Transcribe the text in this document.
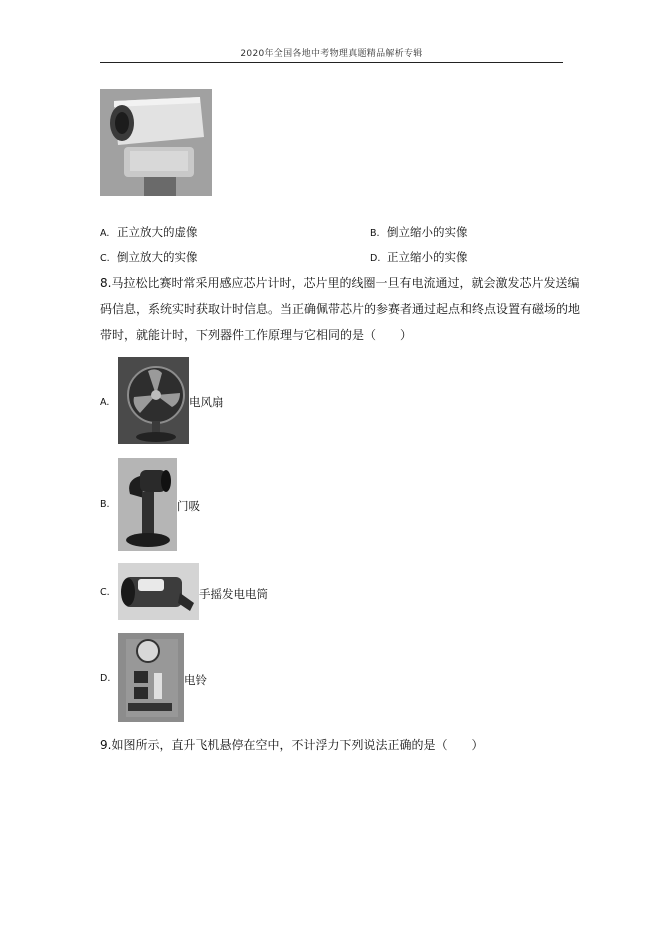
2020年全国各地中考物理真题精品解析专辑
A. 正立放大的虚像	B. 倒立缩小的实像
C. 倒立放大的实像	D. 正立缩小的实像
8.马拉松比赛时常采用感应芯片计时，芯片里的线圈一旦有电流通过，就会激发芯片发送编
码信息，系统实时获取计时信息。当正确佩带芯片的参赛者通过起点和终点设置有磁场的地
带时，就能计时，下列器件工作原理与它相同的是（　　）
A.	电风扇
B.	门吸
C.	手摇发电电筒
D.	电铃
9.如图所示，直升飞机悬停在空中，不计浮力下列说法正确的是（　　）
